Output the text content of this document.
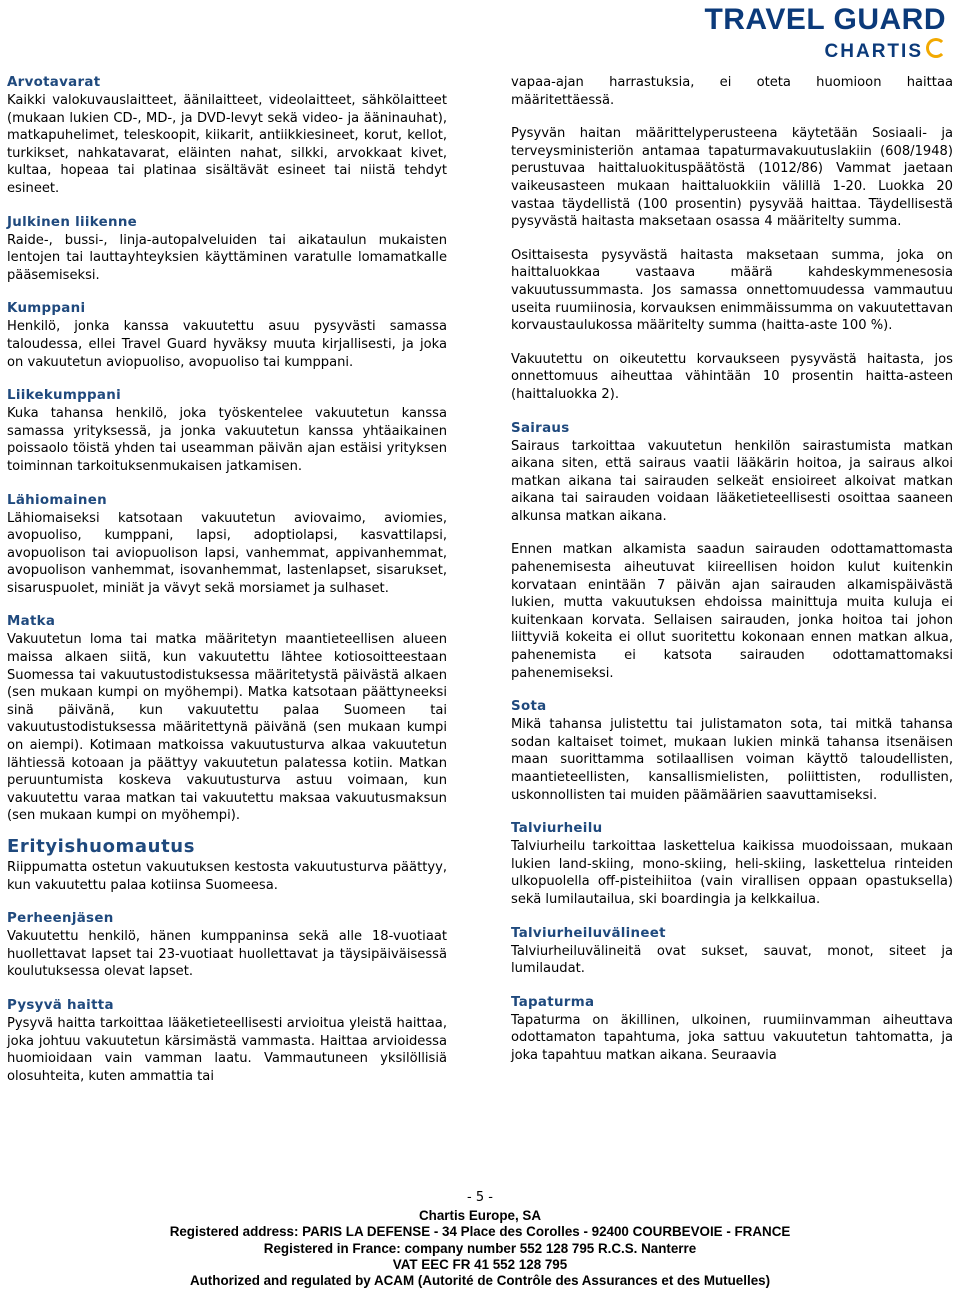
TRAVEL GUARD
CHARTIS
Arvotavarat

Kaikki valokuvauslaitteet, äänilaitteet, videolaitteet, sähkölaitteet (mukaan lukien CD-, MD-, ja DVD-levyt sekä video- ja ääninauhat), matkapuhelimet, teleskoopit, kiikarit, antiikkiesineet, korut, kellot, turkikset, nahkatavarat, eläinten nahat, silkki, arvokkaat kivet, kultaa, hopeaa tai platinaa sisältävät esineet tai niistä tehdyt esineet.

Julkinen liikenne

Raide-, bussi-, linja-autopalveluiden tai aikataulun mukaisten lentojen tai lauttayhteyksien käyttäminen varatulle lomamatkalle pääsemiseksi.

Kumppani

Henkilö, jonka kanssa vakuutettu asuu pysyvästi samassa taloudessa, ellei Travel Guard hyväksy muuta kirjallisesti, ja joka on vakuutetun aviopuoliso, avopuoliso tai kumppani.

Liikekumppani

Kuka tahansa henkilö, joka työskentelee vakuutetun kanssa samassa yrityksessä, ja jonka vakuutetun kanssa yhtäaikainen poissaolo töistä yhden tai useamman päivän ajan estäisi yrityksen toiminnan tarkoituksenmukaisen jatkamisen.

Lähiomainen

Lähiomaiseksi katsotaan vakuutetun aviovaimo, aviomies, avopuoliso, kumppani, lapsi, adoptiolapsi, kasvattilapsi, avopuolison tai aviopuolison lapsi, vanhemmat, appivanhemmat, avopuolison vanhemmat, isovanhemmat, lastenlapset, sisarukset, sisaruspuolet, miniät ja vävyt sekä morsiamet ja sulhaset.

Matka

Vakuutetun loma tai matka määritetyn maantieteellisen alueen maissa alkaen siitä, kun vakuutettu lähtee kotiosoitteestaan Suomessa tai vakuutustodistuksessa määritetystä päivästä alkaen (sen mukaan kumpi on myöhempi). Matka katsotaan päättyneeksi sinä päivänä, kun vakuutettu palaa Suomeen tai vakuutustodistuksessa määritettynä päivänä (sen mukaan kumpi on aiempi). Kotimaan matkoissa vakuutusturva alkaa vakuutetun lähtiessä kotoaan ja päättyy vakuutetun palatessa kotiin. Matkan peruuntumista koskeva vakuutusturva astuu voimaan, kun vakuutettu varaa matkan tai vakuutettu maksaa vakuutusmaksun (sen mukaan kumpi on myöhempi).

Erityishuomautus

Riippumatta ostetun vakuutuksen kestosta vakuutusturva päättyy, kun vakuutettu palaa kotiinsa Suomeesa.

Perheenjäsen

Vakuutettu henkilö, hänen kumppaninsa sekä alle 18-vuotiaat huollettavat lapset tai 23-vuotiaat huollettavat ja täysipäiväisessä koulutuksessa olevat lapset.

Pysyvä haitta

Pysyvä haitta tarkoittaa lääketieteellisesti arvioitua yleistä haittaa, joka johtuu vakuutetun kärsimästä vammasta. Haittaa arvioidessa huomioidaan vain vamman laatu. Vammautuneen yksilöllisiä olosuhteita, kuten ammattia tai

vapaa-ajan harrastuksia, ei oteta huomioon haittaa määritettäessä.

Pysyvän haitan määrittelyperusteena käytetään Sosiaali- ja terveysministeriön antamaa tapaturmavakuutuslakiin (608/1948) perustuvaa haittaluokituspäätöstä (1012/86) Vammat jaetaan vaikeusasteen mukaan haittaluokkiin välillä 1-20. Luokka 20 vastaa täydellistä (100 prosentin) pysyvää haittaa. Täydellisestä pysyvästä haitasta maksetaan osassa 4 määritelty summa.

Osittaisesta pysyvästä haitasta maksetaan summa, joka on haittaluokkaa vastaava määrä kahdeskymmenesosia vakuutussummasta. Jos samassa onnettomuudessa vammautuu useita ruumiinosia, korvauksen enimmäissumma on vakuutettavan korvaustaulukossa määritelty summa (haitta-aste 100 %).

Vakuutettu on oikeutettu korvaukseen pysyvästä haitasta, jos onnettomuus aiheuttaa vähintään 10 prosentin haitta-asteen (haittaluokka 2).

Sairaus

Sairaus tarkoittaa vakuutetun henkilön sairastumista matkan aikana siten, että sairaus vaatii lääkärin hoitoa, ja sairaus alkoi matkan aikana tai sairauden selkeät ensioireet alkoivat matkan aikana tai sairauden voidaan lääketieteellisesti osoittaa saaneen alkunsa matkan aikana.

Ennen matkan alkamista saadun sairauden odottamattomasta pahenemisesta aiheutuvat kiireellisen hoidon kulut kuitenkin korvataan enintään 7 päivän ajan sairauden alkamispäivästä lukien, mutta vakuutuksen ehdoissa mainittuja muita kuluja ei kuitenkaan korvata. Sellaisen sairauden, jonka hoitoa tai johon liittyviä kokeita ei ollut suoritettu kokonaan ennen matkan alkua, pahenemista ei katsota sairauden odottamattomaksi pahenemiseksi.

Sota

Mikä tahansa julistettu tai julistamaton sota, tai mitkä tahansa sodan kaltaiset toimet, mukaan lukien minkä tahansa itsenäisen maan suorittamma sotilaallisen voiman käyttö taloudellisten, maantieteellisten, kansallismielisten, poliittisten, rodullisten, uskonnollisten tai muiden päämäärien saavuttamiseksi.

Talviurheilu

Talviurheilu tarkoittaa laskettelua kaikissa muodoissaan, mukaan lukien land-skiing, mono-skiing, heli-skiing, laskettelua rinteiden ulkopuolella off-pisteihiitoa (vain virallisen oppaan opastuksella) sekä lumilautailua, ski boardingia ja kelkkailua.

Talviurheiluvälineet

Talviurheiluvälineitä ovat sukset, sauvat, monot, siteet ja lumilaudat.

Tapaturma

Tapaturma on äkillinen, ulkoinen, ruumiinvamman aiheuttava odottamaton tapahtuma, joka sattuu vakuutetun tahtomatta, ja joka tapahtuu matkan aikana. Seuraavia

- 5 -
Chartis Europe, SA
Registered address: PARIS LA DEFENSE - 34 Place des Corolles - 92400 COURBEVOIE - FRANCE
Registered in France: company number 552 128 795 R.C.S. Nanterre
VAT EEC FR 41 552 128 795
Authorized and regulated by ACAM (Autorité de Contrôle des Assurances et des Mutuelles)
